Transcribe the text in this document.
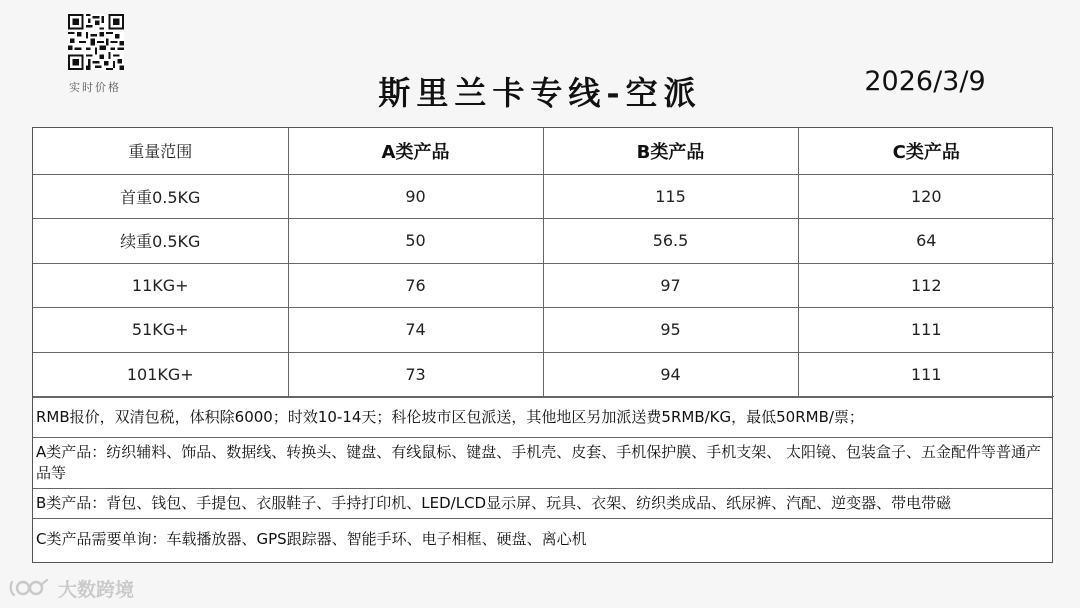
实时价格	斯里兰卡专线-空派	2026/3/9
重量范围	A类产品	B类产品	C类产品
首重0.5KG	90	115	120
续重0.5KG	50	56.5	64
11KG+	76	97	112
51KG+	74	95	111
101KG+	73	94	111
RMB报价，双清包税，体积除6000；时效10-14天；科伦坡市区包派送，其他地区另加派送费5RMB/KG，最低50RMB/票；
A类产品：纺织辅料、饰品、数据线、转换头、键盘、有线鼠标、键盘、手机壳、皮套、手机保护膜、手机支架、 太阳镜、包装盒子、五金配件等普通产品等
B类产品：背包、钱包、手提包、衣服鞋子、手持打印机、LED/LCD显示屏、玩具、衣架、纺织类成品、纸尿裤、汽配、逆变器、带电带磁
C类产品需要单询：车载播放器、GPS跟踪器、智能手环、电子相框、硬盘、离心机
大数跨境
